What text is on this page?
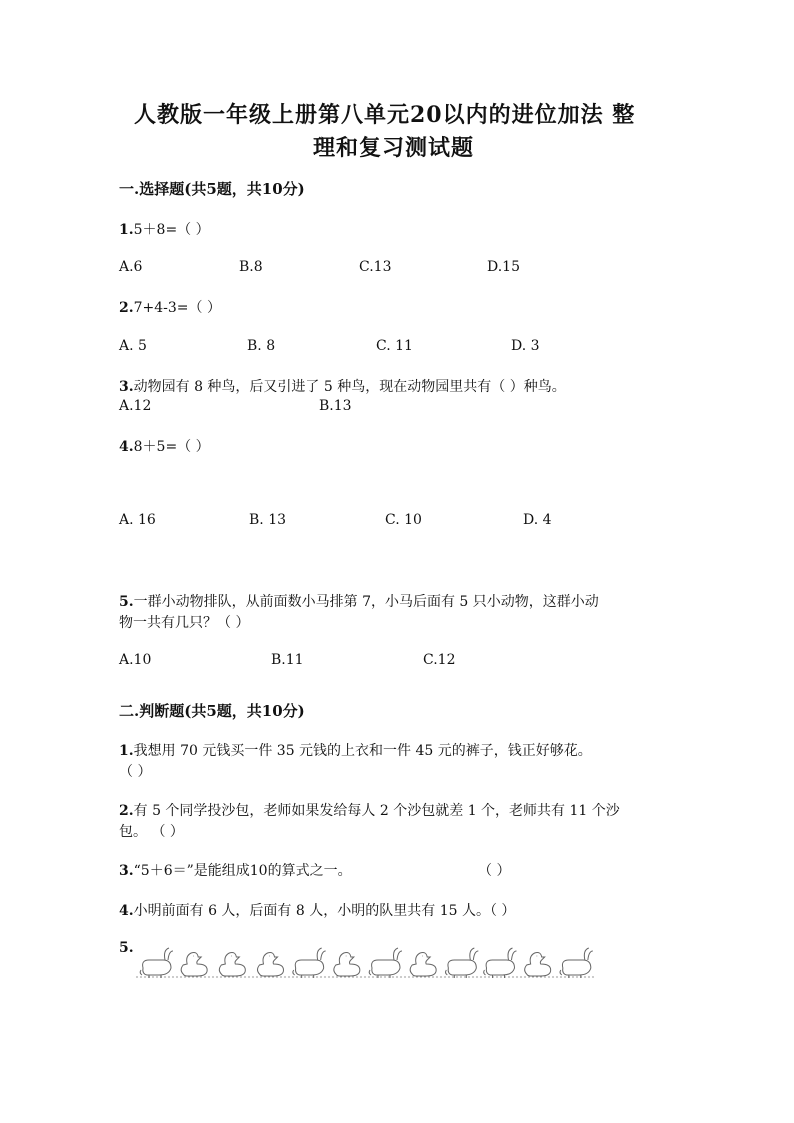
人教版一年级上册第八单元20以内的进位加法 整
理和复习测试题
一.选择题(共5题，共10分)
1.5＋8=（ ）
A.6	B.8	C.13	D.15
2.7+4-3=（ ）
A. 5	B. 8	C. 11	D. 3
3.动物园有 8 种鸟，后又引进了 5 种鸟，现在动物园里共有（ ）种鸟。
A.12	B.13
4.8＋5=（ ）
A. 16	B. 13	C. 10	D. 4
5.一群小动物排队，从前面数小马排第 7，小马后面有 5 只小动物，这群小动
物一共有几只？（ ）
A.10	B.11	C.12
二.判断题(共5题，共10分)
1.我想用 70 元钱买一件 35 元钱的上衣和一件 45 元的裤子，钱正好够花。
（ ）
2.有 5 个同学投沙包，老师如果发给每人 2 个沙包就差 1 个，老师共有 11 个沙
包。 （ ）
3.“5＋6＝”是能组成10的算式之一。	（ ）
4.小明前面有 6 人，后面有 8 人，小明的队里共有 15 人。（ ）
5.
